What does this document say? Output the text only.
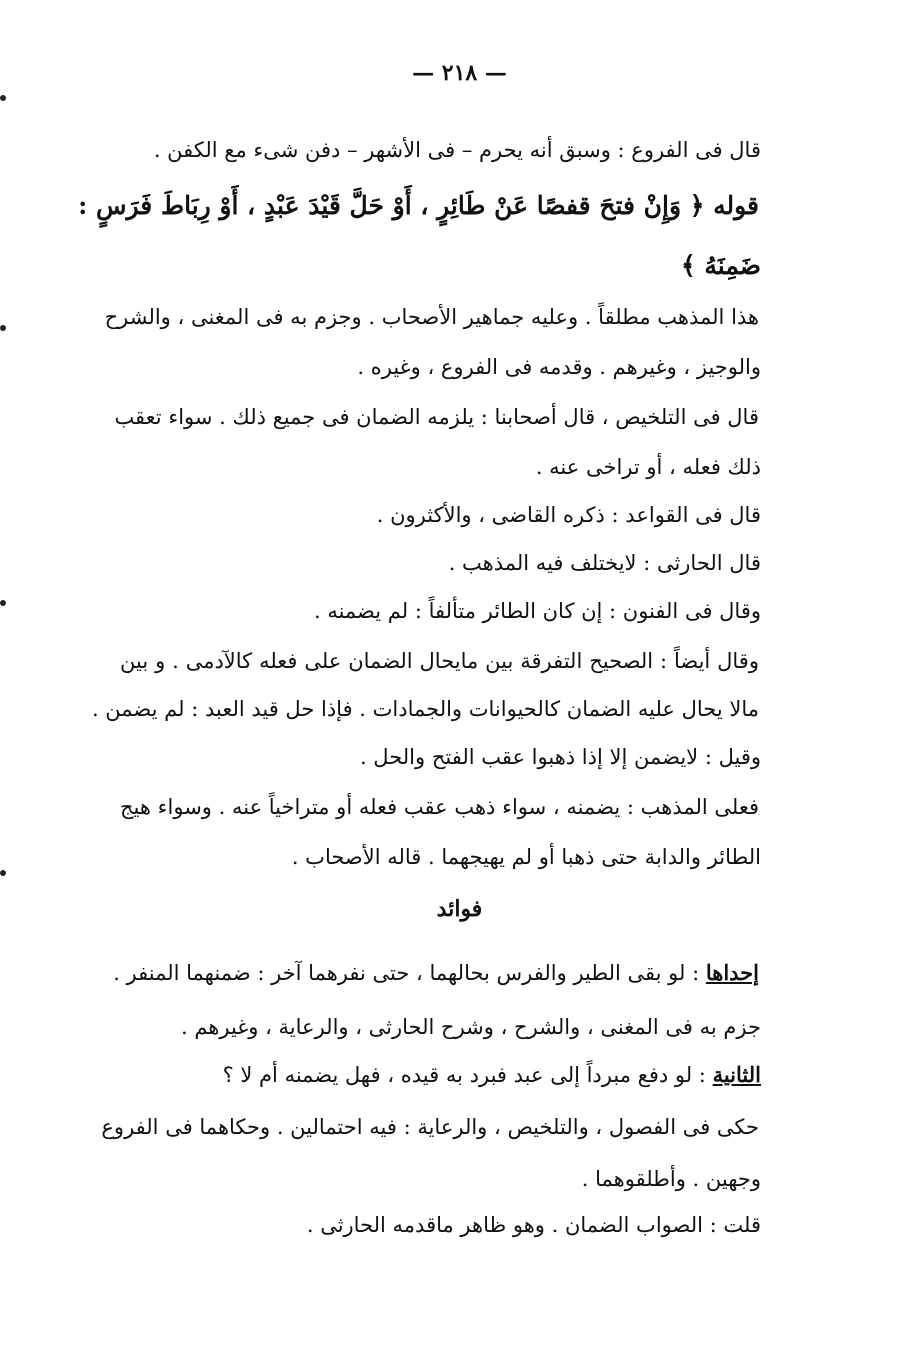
— ٢١٨ —
قال فى الفروع : وسبق أنه يحرم – فى الأشهر – دفن شىء مع الكفن .
قوله ﴿ وَإِنْ فتحَ قفصًا عَنْ طَائِرٍ ، أَوْ حَلَّ قَيْدَ عَبْدٍ ، أَوْ رِبَاطَ فَرَسٍ :
ضَمِنَهُ ﴾
هذا المذهب مطلقاً . وعليه جماهير الأصحاب . وجزم به فى المغنى ، والشرح
والوجيز ، وغيرهم . وقدمه فى الفروع ، وغيره .
قال فى التلخيص ، قال أصحابنا : يلزمه الضمان فى جميع ذلك . سواء تعقب
ذلك فعله ، أو تراخى عنه .
قال فى القواعد : ذكره القاضى ، والأكثرون .
قال الحارثى : لايختلف فيه المذهب .
وقال فى الفنون : إن كان الطائر متألفاً : لم يضمنه .
وقال أيضاً : الصحيح التفرقة بين مايحال الضمان على فعله كالآدمى . و بين
مالا يحال عليه الضمان كالحيوانات والجمادات . فإذا حل قيد العبد : لم يضمن .
وقيل : لايضمن إلا إذا ذهبوا عقب الفتح والحل .
فعلى المذهب : يضمنه ، سواء ذهب عقب فعله أو متراخياً عنه . وسواء هيج
الطائر والدابة حتى ذهبا أو لم يهيجهما . قاله الأصحاب .
فوائد
إحداها : لو بقى الطير والفرس بحالهما ، حتى نفرهما آخر : ضمنهما المنفر .
جزم به فى المغنى ، والشرح ، وشرح الحارثى ، والرعاية ، وغيرهم .
الثانية : لو دفع مبرداً إلى عبد فبرد به قيده ، فهل يضمنه أم لا ؟
حكى فى الفصول ، والتلخيص ، والرعاية : فيه احتمالين . وحكاهما فى الفروع
وجهين . وأطلقوهما .
قلت : الصواب الضمان . وهو ظاهر ماقدمه الحارثى .
